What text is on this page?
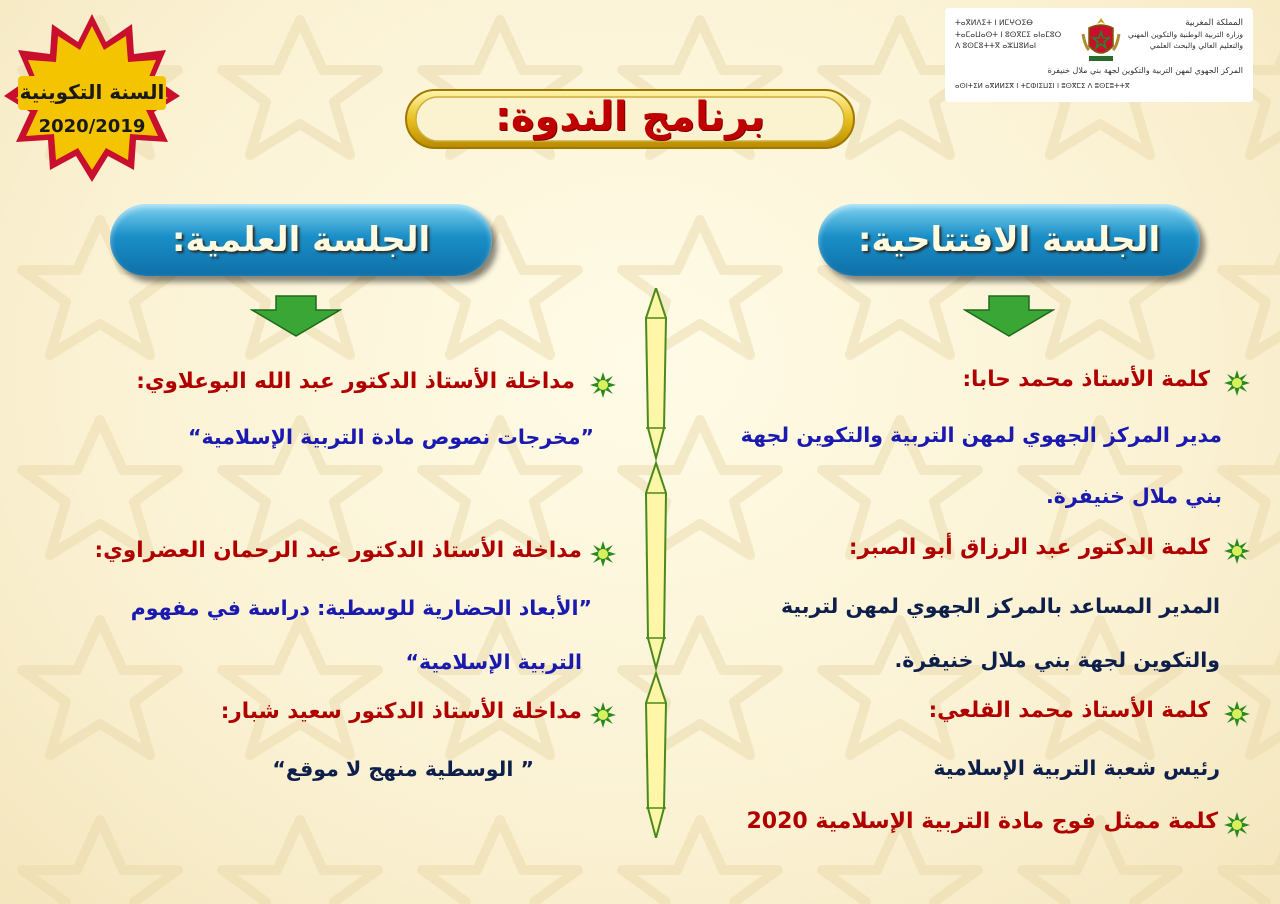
السنة التكوينية
2020/2019
المملكة المغربية
وزارة التربية الوطنية والتكوين المهني
والتعليم العالي والبحث العلمي
المركز الجهوي لمهن التربية والتكوين لجهة بني ملال خنيفرة
ⵜⴰⴳⵍⴷⵉⵜ ⵏ ⵍⵎⵖⵔⵉⴱ
ⵜⴰⵎⴰⵡⴰⵙⵜ ⵏ ⵓⵙⴳⵎⵉ ⴰⵏⴰⵎⵓⵔ
ⴷ ⵓⵙⵎⵓⵜⵜⴳ ⴰⵣⵡⵓⵍⴰⵏ
ⴰⵙⵏⵜⵉⵍ ⴰⴳⵍⵍⵉⴳ ⵏ ⵜⵎⵀⵏⵉⵡⵉⵏ ⵏ ⵓⵙⴳⵎⵉ ⴷ ⵓⵙⵎⵓⵜⵜⴳ
برنامج الندوة:
الجلسة الافتتاحية:
الجلسة العلمية:
كلمة الأستاذ محمد حابا:
مدير المركز الجهوي لمهن التربية والتكوين لجهة
بني ملال خنيفرة.
كلمة الدكتور عبد الرزاق أبو الصبر:
المدير المساعد بالمركز الجهوي لمهن لتربية
والتكوين لجهة بني ملال خنيفرة.
كلمة الأستاذ محمد القلعي:
رئيس شعبة التربية الإسلامية
كلمة ممثل فوج مادة التربية الإسلامية 2020
مداخلة الأستاذ الدكتور عبد الله البوعلاوي:
”مخرجات نصوص مادة التربية الإسلامية“
مداخلة الأستاذ الدكتور عبد الرحمان العضراوي:
”الأبعاد الحضارية للوسطية: دراسة في مفهوم
التربية الإسلامية“
مداخلة الأستاذ الدكتور سعيد شبار:
” الوسطية منهج لا موقع“
